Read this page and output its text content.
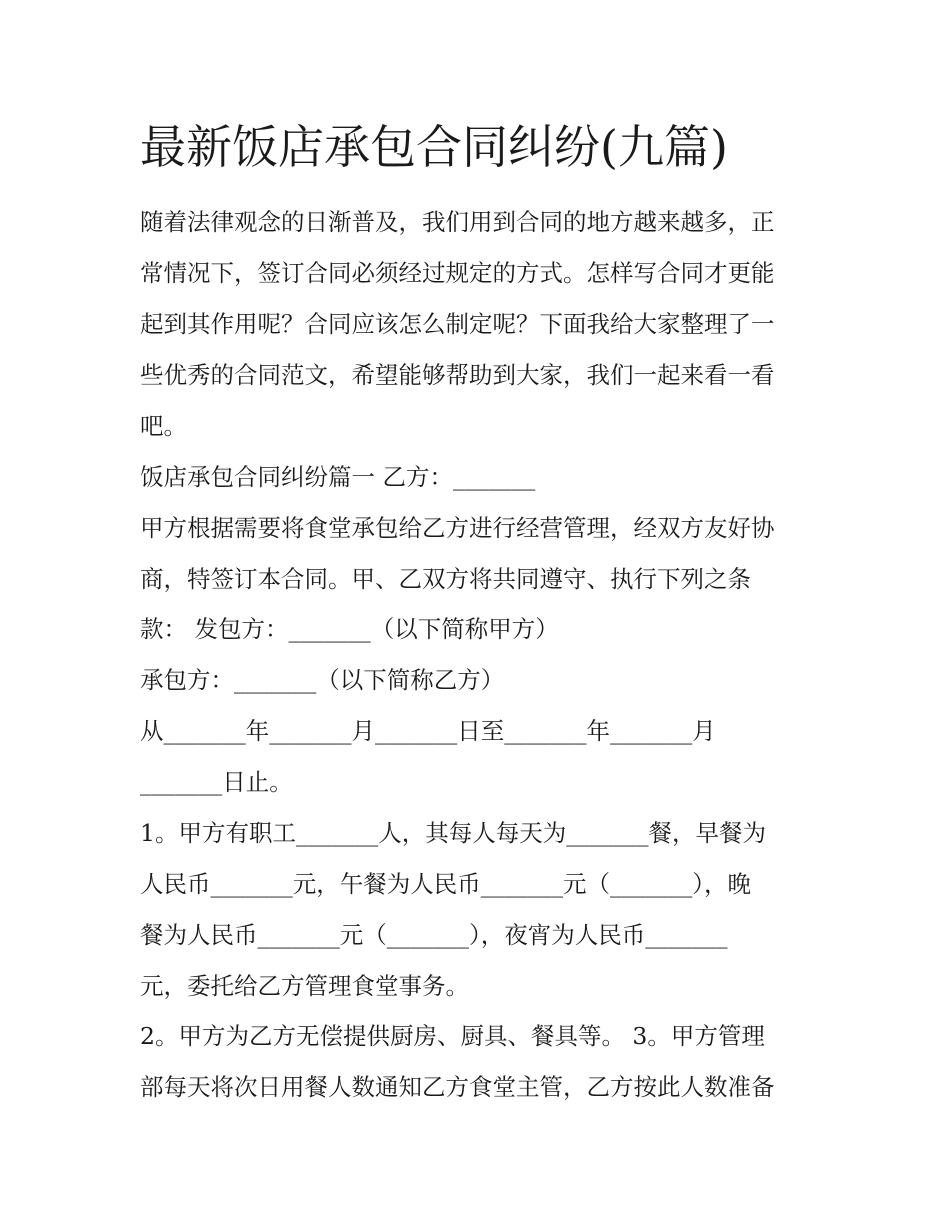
最新饭店承包合同纠纷(九篇)

随着法律观念的日渐普及，我们用到合同的地方越来越多，正

常情况下，签订合同必须经过规定的方式。怎样写合同才更能

起到其作用呢？合同应该怎么制定呢？下面我给大家整理了一

些优秀的合同范文，希望能够帮助到大家，我们一起来看一看

吧。

饭店承包合同纠纷篇一 乙方：_______

甲方根据需要将食堂承包给乙方进行经营管理，经双方友好协

商，特签订本合同。甲、乙双方将共同遵守、执行下列之条

款： 发包方：_______（以下简称甲方）

承包方：_______（以下简称乙方）

从_______年_______月_______日至_______年_______月

_______日止。

1。甲方有职工_______人，其每人每天为_______餐，早餐为

人民币_______元，午餐为人民币_______元（_______），晚

餐为人民币_______元（_______），夜宵为人民币_______

元，委托给乙方管理食堂事务。

2。甲方为乙方无偿提供厨房、厨具、餐具等。 3。甲方管理

部每天将次日用餐人数通知乙方食堂主管，乙方按此人数准备
